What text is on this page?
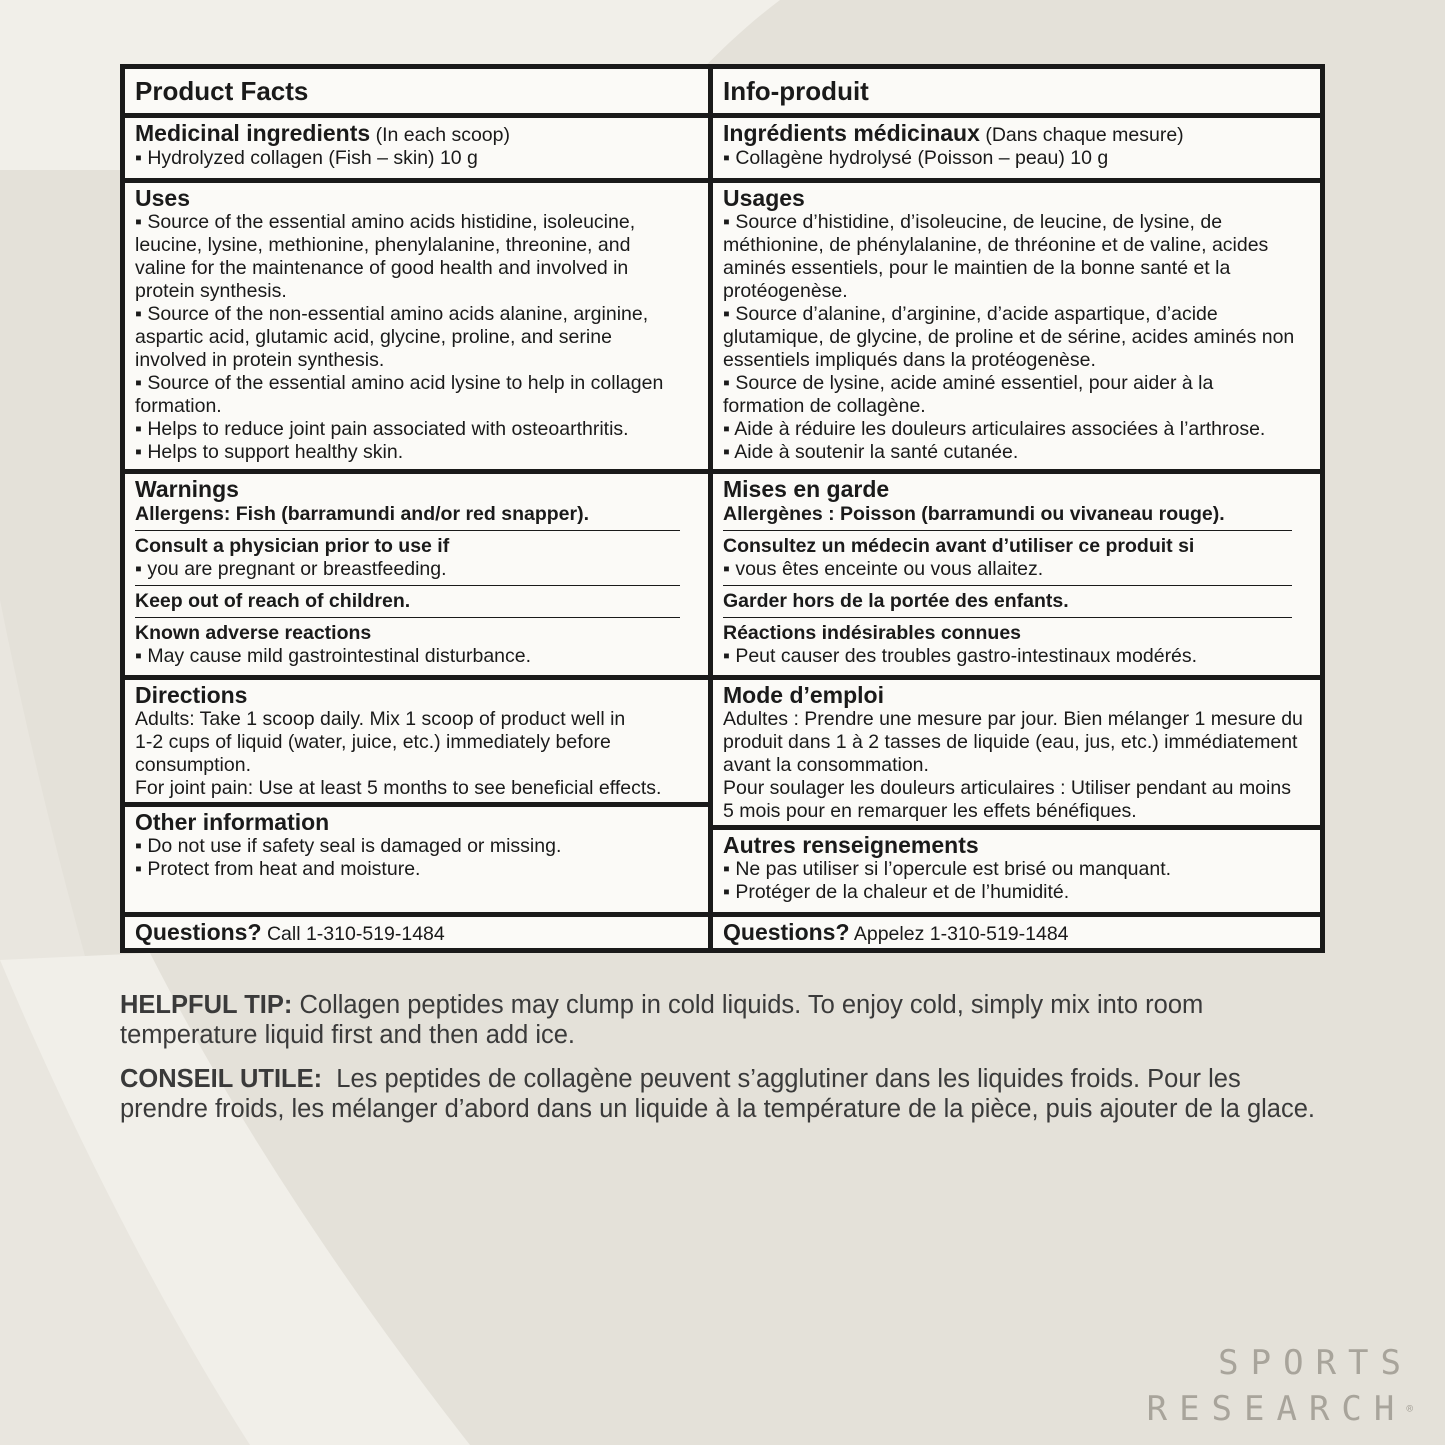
Product Facts
Medicinal ingredients (In each scoop)
▪ Hydrolyzed collagen (Fish – skin) 10 g
Uses
▪ Source of the essential amino acids histidine, isoleucine,
leucine, lysine, methionine, phenylalanine, threonine, and
valine for the maintenance of good health and involved in
protein synthesis.
▪ Source of the non-essential amino acids alanine, arginine,
aspartic acid, glutamic acid, glycine, proline, and serine
involved in protein synthesis.
▪ Source of the essential amino acid lysine to help in collagen
formation.
▪ Helps to reduce joint pain associated with osteoarthritis.
▪ Helps to support healthy skin.
Warnings
Allergens: Fish (barramundi and/or red snapper).
Consult a physician prior to use if
▪ you are pregnant or breastfeeding.
Keep out of reach of children.
Known adverse reactions
▪ May cause mild gastrointestinal disturbance.
Directions
Adults: Take 1 scoop daily. Mix 1 scoop of product well in
1-2 cups of liquid (water, juice, etc.) immediately before
consumption.
For joint pain: Use at least 5 months to see beneficial effects.
Other information
▪ Do not use if safety seal is damaged or missing.
▪ Protect from heat and moisture.
Questions? Call 1-310-519-1484
Info-produit
Ingrédients médicinaux (Dans chaque mesure)
▪ Collagène hydrolysé (Poisson – peau) 10 g
Usages
▪ Source d’histidine, d’isoleucine, de leucine, de lysine, de
méthionine, de phénylalanine, de thréonine et de valine, acides
aminés essentiels, pour le maintien de la bonne santé et la
protéogenèse.
▪ Source d’alanine, d’arginine, d’acide aspartique, d’acide
glutamique, de glycine, de proline et de sérine, acides aminés non
essentiels impliqués dans la protéogenèse.
▪ Source de lysine, acide aminé essentiel, pour aider à la
formation de collagène.
▪ Aide à réduire les douleurs articulaires associées à l’arthrose.
▪ Aide à soutenir la santé cutanée.
Mises en garde
Allergènes : Poisson (barramundi ou vivaneau rouge).
Consultez un médecin avant d’utiliser ce produit si
▪ vous êtes enceinte ou vous allaitez.
Garder hors de la portée des enfants.
Réactions indésirables connues
▪ Peut causer des troubles gastro-intestinaux modérés.
Mode d’emploi
Adultes : Prendre une mesure par jour. Bien mélanger 1 mesure du
produit dans 1 à 2 tasses de liquide (eau, jus, etc.) immédiatement
avant la consommation.
Pour soulager les douleurs articulaires : Utiliser pendant au moins
5 mois pour en remarquer les effets bénéfiques.
Autres renseignements
▪ Ne pas utiliser si l’opercule est brisé ou manquant.
▪ Protéger de la chaleur et de l’humidité.
Questions? Appelez 1-310-519-1484

HELPFUL TIP: Collagen peptides may clump in cold liquids. To enjoy cold, simply mix into room temperature liquid first and then add ice.

CONSEIL UTILE: Les peptides de collagène peuvent s’agglutiner dans les liquides froids. Pour les prendre froids, les mélanger d’abord dans un liquide à la température de la pièce, puis ajouter de la glace.

SPORTS
RESEARCH®
